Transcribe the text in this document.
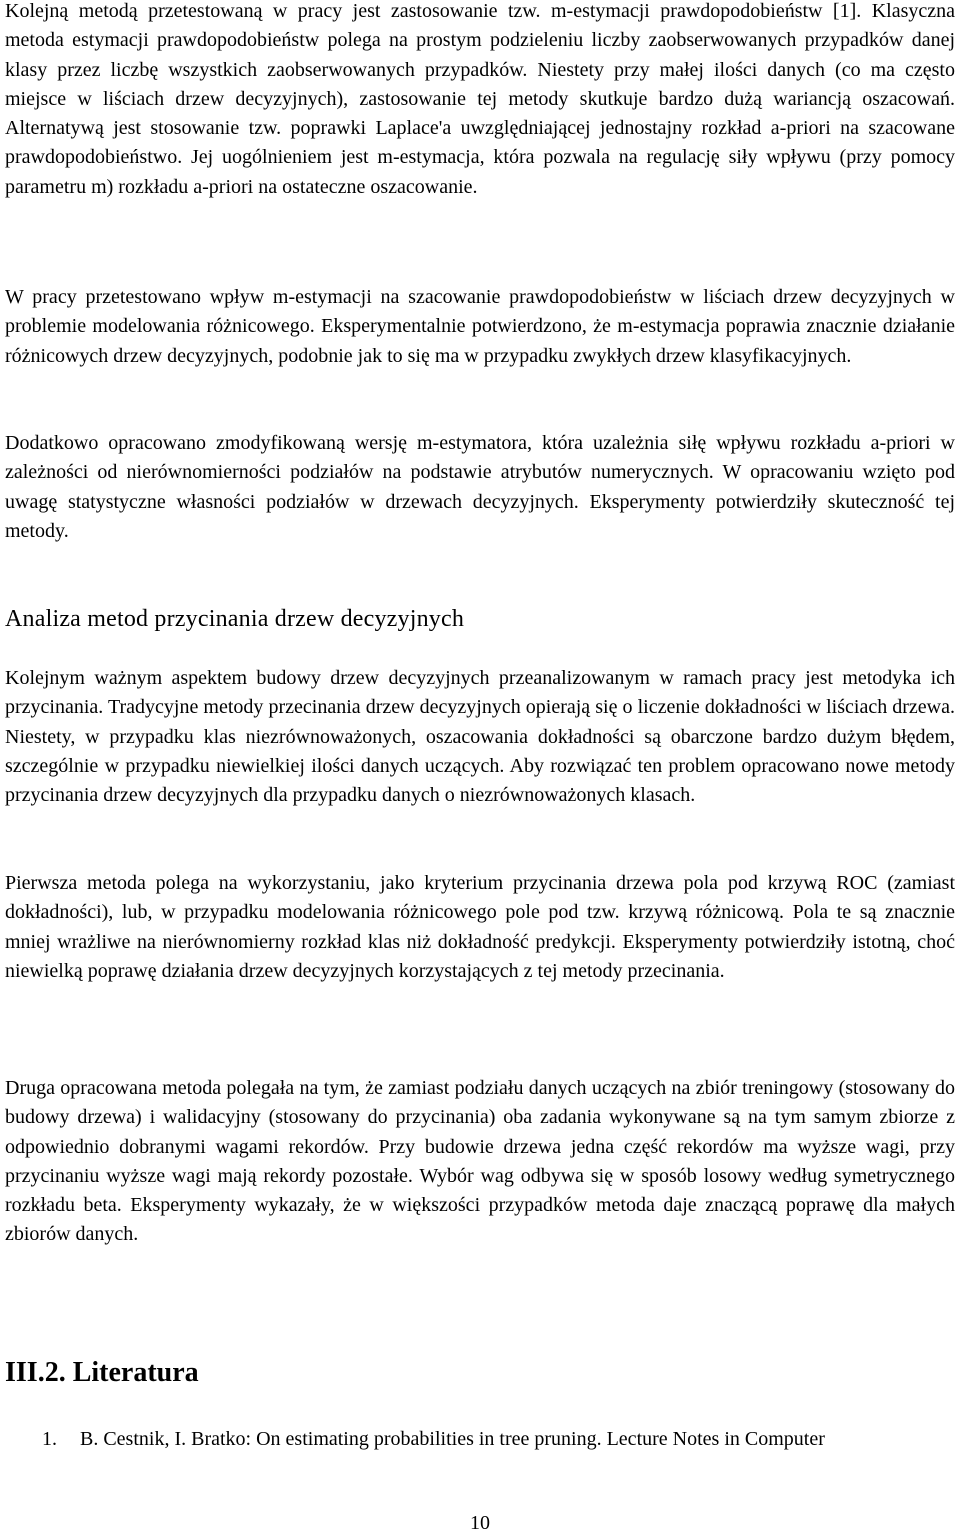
Kolejną metodą przetestowaną w pracy jest zastosowanie tzw. m-estymacji prawdopodobieństw [1]. Klasyczna metoda estymacji prawdopodobieństw polega na prostym podzieleniu liczby zaobserwowanych przypadków danej klasy przez liczbę wszystkich zaobserwowanych przypadków. Niestety przy małej ilości danych (co ma często miejsce w liściach drzew decyzyjnych), zastosowanie tej metody skutkuje bardzo dużą wariancją oszacowań. Alternatywą jest stosowanie tzw. poprawki Laplace'a uwzględniającej jednostajny rozkład a-priori na szacowane prawdopodobieństwo. Jej uogólnieniem jest m-estymacja, która pozwala na regulację siły wpływu (przy pomocy parametru m) rozkładu a-priori na ostateczne oszacowanie.

W pracy przetestowano wpływ m-estymacji na szacowanie prawdopodobieństw w liściach drzew decyzyjnych w problemie modelowania różnicowego. Eksperymentalnie potwierdzono, że m-estymacja poprawia znacznie działanie różnicowych drzew decyzyjnych, podobnie jak to się ma w przypadku zwykłych drzew klasyfikacyjnych.

Dodatkowo opracowano zmodyfikowaną wersję m-estymatora, która uzależnia siłę wpływu rozkładu a-priori w zależności od nierównomierności podziałów na podstawie atrybutów numerycznych. W opracowaniu wzięto pod uwagę statystyczne własności podziałów w drzewach decyzyjnych. Eksperymenty potwierdziły skuteczność tej metody.

Analiza metod przycinania drzew decyzyjnych

Kolejnym ważnym aspektem budowy drzew decyzyjnych przeanalizowanym w ramach pracy jest metodyka ich przycinania. Tradycyjne metody przecinania drzew decyzyjnych opierają się o liczenie dokładności w liściach drzewa. Niestety, w przypadku klas niezrównoważonych, oszacowania dokładności są obarczone bardzo dużym błędem, szczególnie w przypadku niewielkiej ilości danych uczących. Aby rozwiązać ten problem opracowano nowe metody przycinania drzew decyzyjnych dla przypadku danych o niezrównoważonych klasach.

Pierwsza metoda polega na wykorzystaniu, jako kryterium przycinania drzewa pola pod krzywą ROC (zamiast dokładności), lub, w przypadku modelowania różnicowego pole pod tzw. krzywą różnicową. Pola te są znacznie mniej wrażliwe na nierównomierny rozkład klas niż dokładność predykcji. Eksperymenty potwierdziły istotną, choć niewielką poprawę działania drzew decyzyjnych korzystających z tej metody przecinania.

Druga opracowana metoda polegała na tym, że zamiast podziału danych uczących na zbiór treningowy (stosowany do budowy drzewa) i walidacyjny (stosowany do przycinania) oba zadania wykonywane są na tym samym zbiorze z odpowiednio dobranymi wagami rekordów. Przy budowie drzewa jedna część rekordów ma wyższe wagi, przy przycinaniu wyższe wagi mają rekordy pozostałe. Wybór wag odbywa się w sposób losowy według symetrycznego rozkładu beta. Eksperymenty wykazały, że w większości przypadków metoda daje znaczącą poprawę dla małych zbiorów danych.

III.2. Literatura
1. B. Cestnik, I. Bratko: On estimating probabilities in tree pruning. Lecture Notes in Computer
10
